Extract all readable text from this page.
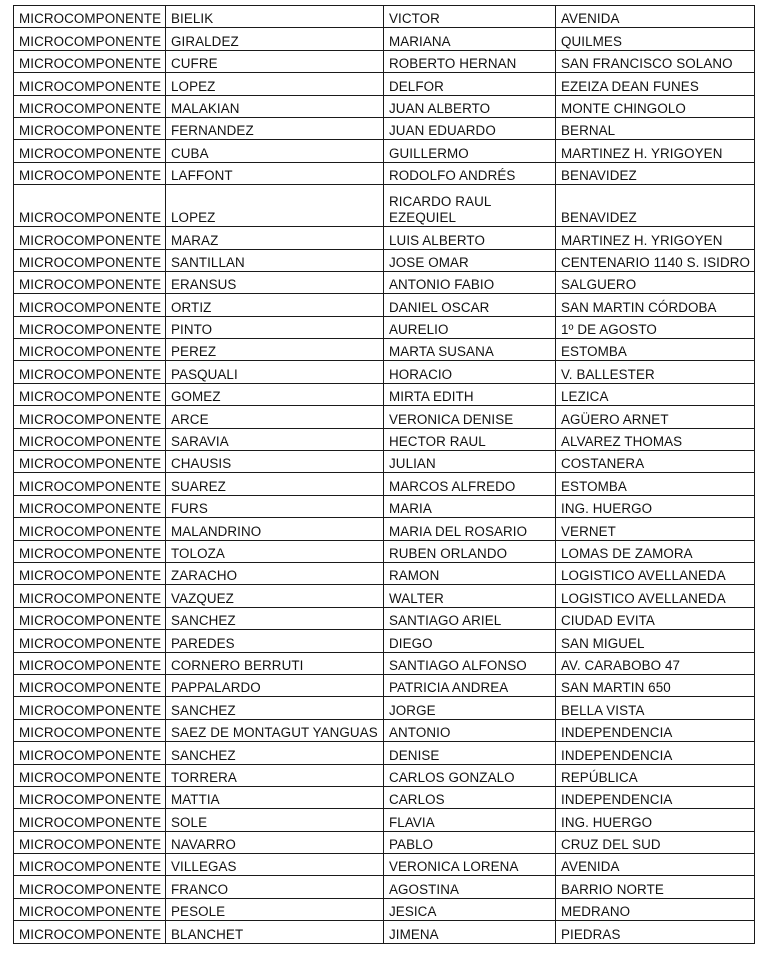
MICROCOMPONENTE	BIELIK	VICTOR	AVENIDA
MICROCOMPONENTE	GIRALDEZ	MARIANA	QUILMES
MICROCOMPONENTE	CUFRE	ROBERTO HERNAN	SAN FRANCISCO SOLANO
MICROCOMPONENTE	LOPEZ	DELFOR	EZEIZA DEAN FUNES
MICROCOMPONENTE	MALAKIAN	JUAN ALBERTO	MONTE CHINGOLO
MICROCOMPONENTE	FERNANDEZ	JUAN EDUARDO	BERNAL
MICROCOMPONENTE	CUBA	GUILLERMO	MARTINEZ H. YRIGOYEN
MICROCOMPONENTE	LAFFONT	RODOLFO ANDRÉS	BENAVIDEZ
MICROCOMPONENTE	LOPEZ	RICARDO RAUL EZEQUIEL	BENAVIDEZ
MICROCOMPONENTE	MARAZ	LUIS ALBERTO	MARTINEZ H. YRIGOYEN
MICROCOMPONENTE	SANTILLAN	JOSE OMAR	CENTENARIO 1140 S. ISIDRO
MICROCOMPONENTE	ERANSUS	ANTONIO FABIO	SALGUERO
MICROCOMPONENTE	ORTIZ	DANIEL OSCAR	SAN MARTIN CÓRDOBA
MICROCOMPONENTE	PINTO	AURELIO	1º DE AGOSTO
MICROCOMPONENTE	PEREZ	MARTA SUSANA	ESTOMBA
MICROCOMPONENTE	PASQUALI	HORACIO	V. BALLESTER
MICROCOMPONENTE	GOMEZ	MIRTA EDITH	LEZICA
MICROCOMPONENTE	ARCE	VERONICA DENISE	AGÜERO ARNET
MICROCOMPONENTE	SARAVIA	HECTOR RAUL	ALVAREZ THOMAS
MICROCOMPONENTE	CHAUSIS	JULIAN	COSTANERA
MICROCOMPONENTE	SUAREZ	MARCOS ALFREDO	ESTOMBA
MICROCOMPONENTE	FURS	MARIA	ING. HUERGO
MICROCOMPONENTE	MALANDRINO	MARIA DEL ROSARIO	VERNET
MICROCOMPONENTE	TOLOZA	RUBEN ORLANDO	LOMAS DE ZAMORA
MICROCOMPONENTE	ZARACHO	RAMON	LOGISTICO AVELLANEDA
MICROCOMPONENTE	VAZQUEZ	WALTER	LOGISTICO AVELLANEDA
MICROCOMPONENTE	SANCHEZ	SANTIAGO ARIEL	CIUDAD EVITA
MICROCOMPONENTE	PAREDES	DIEGO	SAN MIGUEL
MICROCOMPONENTE	CORNERO BERRUTI	SANTIAGO ALFONSO	AV. CARABOBO 47
MICROCOMPONENTE	PAPPALARDO	PATRICIA ANDREA	SAN MARTIN 650
MICROCOMPONENTE	SANCHEZ	JORGE	BELLA VISTA
MICROCOMPONENTE	SAEZ DE MONTAGUT YANGUAS	ANTONIO	INDEPENDENCIA
MICROCOMPONENTE	SANCHEZ	DENISE	INDEPENDENCIA
MICROCOMPONENTE	TORRERA	CARLOS GONZALO	REPÚBLICA
MICROCOMPONENTE	MATTIA	CARLOS	INDEPENDENCIA
MICROCOMPONENTE	SOLE	FLAVIA	ING. HUERGO
MICROCOMPONENTE	NAVARRO	PABLO	CRUZ DEL SUD
MICROCOMPONENTE	VILLEGAS	VERONICA LORENA	AVENIDA
MICROCOMPONENTE	FRANCO	AGOSTINA	BARRIO NORTE
MICROCOMPONENTE	PESOLE	JESICA	MEDRANO
MICROCOMPONENTE	BLANCHET	JIMENA	PIEDRAS
